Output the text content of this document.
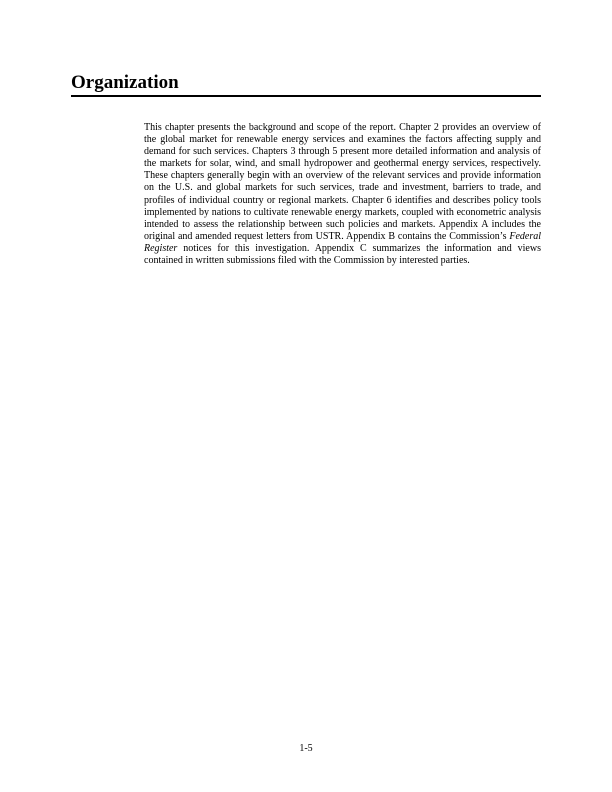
Organization

This chapter presents the background and scope of the report. Chapter 2 provides an overview of the global market for renewable energy services and examines the factors affecting supply and demand for such services. Chapters 3 through 5 present more detailed information and analysis of the markets for solar, wind, and small hydropower and geothermal energy services, respectively. These chapters generally begin with an overview of the relevant services and provide information on the U.S. and global markets for such services, trade and investment, barriers to trade, and profiles of individual country or regional markets. Chapter 6 identifies and describes policy tools implemented by nations to cultivate renewable energy markets, coupled with econometric analysis intended to assess the relationship between such policies and markets. Appendix A includes the original and amended request letters from USTR. Appendix B contains the Commission’s Federal Register notices for this investigation. Appendix C summarizes the information and views contained in written submissions filed with the Commission by interested parties.

1-5
